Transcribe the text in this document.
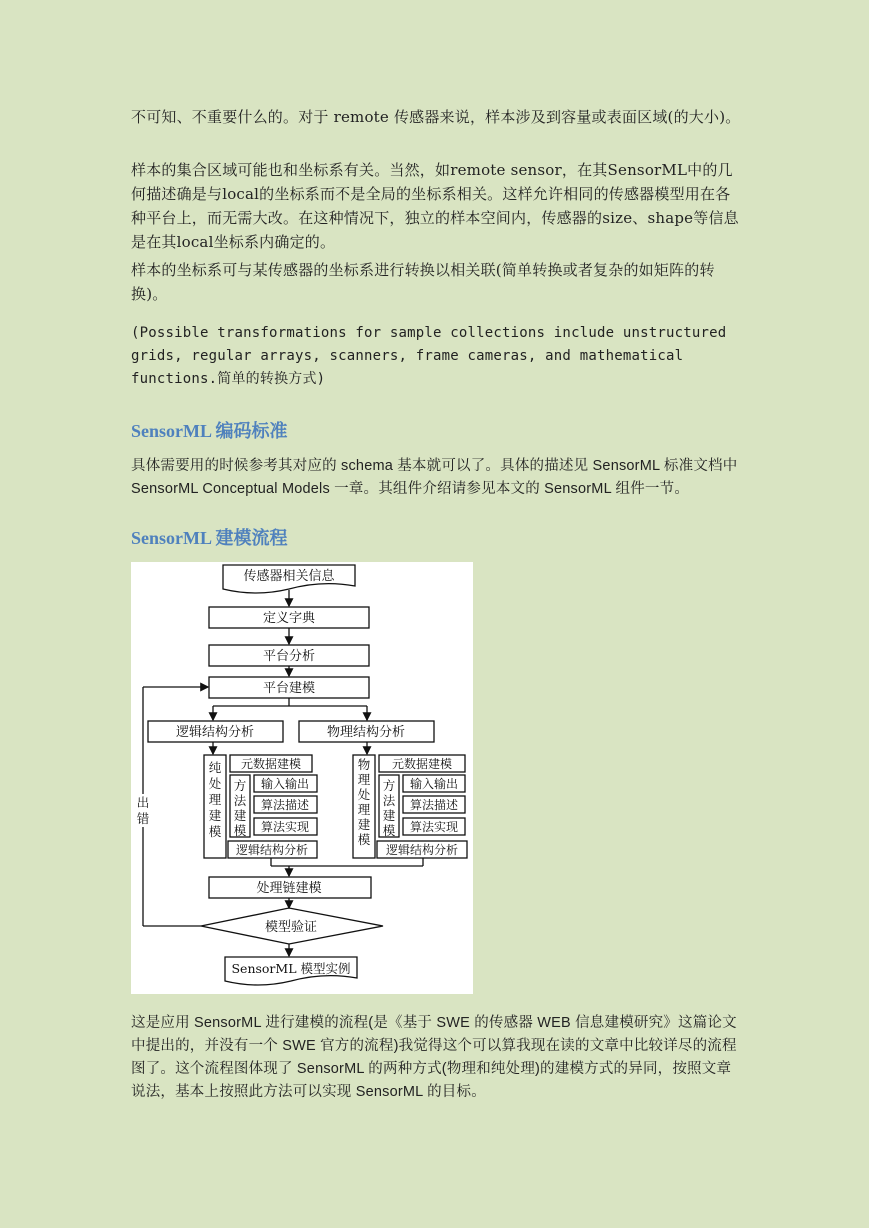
不可知、不重要什么的。对于 remote 传感器来说，样本涉及到容量或表面区域(的大小)。

样本的集合区域可能也和坐标系有关。当然，如remote sensor，在其SensorML中的几何描述确是与local的坐标系而不是全局的坐标系相关。这样允许相同的传感器模型用在各种平台上，而无需大改。在这种情况下，独立的样本空间内，传感器的size、shape等信息是在其local坐标系内确定的。

样本的坐标系可与某传感器的坐标系进行转换以相关联(简单转换或者复杂的如矩阵的转换)。

(Possible transformations for sample collections include unstructured grids, regular arrays, scanners, frame cameras, and mathematical functions.简单的转换方式)

SensorML 编码标准

具体需要用的时候参考其对应的 schema 基本就可以了。具体的描述见 SensorML 标准文档中 SensorML Conceptual Models 一章。其组件介绍请参见本文的 SensorML 组件一节。

SensorML 建模流程
传感器相关信息
定义字典
平台分析
平台建模
逻辑结构分析	物理结构分析
处理链建模
模型验证
SensorML 模型实例
元数据建模
输入输出
算法描述
算法实现
逻辑结构分析
元数据建模
输入输出
算法描述
算法实现
逻辑结构分析
纯处理建模
物理处理建模
方法建模
方法建模
出错

这是应用 SensorML 进行建模的流程(是《基于 SWE 的传感器 WEB 信息建模研究》这篇论文中提出的，并没有一个 SWE 官方的流程)我觉得这个可以算我现在读的文章中比较详尽的流程图了。这个流程图体现了 SensorML 的两种方式(物理和纯处理)的建模方式的异同，按照文章说法，基本上按照此方法可以实现 SensorML 的目标。
